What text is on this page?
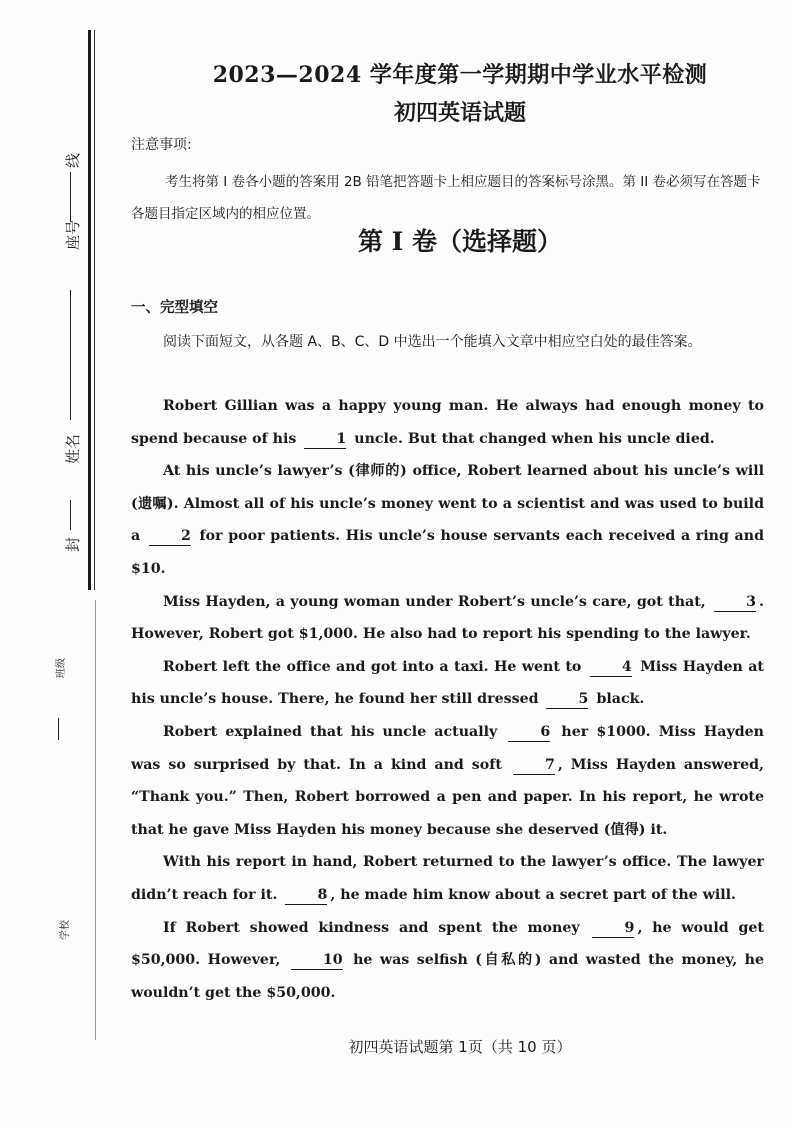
线
座号
姓名
封
班级
学校
2023—2024 学年度第一学期期中学业水平检测
初四英语试题
注意事项:
考生将第 I 卷各小题的答案用 2B 铅笔把答题卡上相应题目的答案标号涂黑。第 II 卷必须写在答题卡各题目指定区域内的相应位置。
第 I 卷（选择题）
一、完型填空
阅读下面短文，从各题 A、B、C、D 中选出一个能填入文章中相应空白处的最佳答案。

Robert Gillian was a happy young man. He always had enough money to spend because of his	1 uncle. But that changed when his uncle died.

At his uncle’s lawyer’s (律师的) office, Robert learned about his uncle’s will (遗嘱). Almost all of his uncle’s money went to a scientist and was used to build a	2 for poor patients. His uncle’s house servants each received a ring and $10.

Miss Hayden, a young woman under Robert’s uncle’s care, got that,	3 . However, Robert got $1,000. He also had to report his spending to the lawyer.

Robert left the office and got into a taxi. He went to	4 Miss Hayden at his uncle’s house. There, he found her still dressed	5 black.

Robert explained that his uncle actually	6 her $1000. Miss Hayden was so surprised by that. In a kind and soft	7 , Miss Hayden answered, “Thank you.” Then, Robert borrowed a pen and paper. In his report, he wrote that he gave Miss Hayden his money because she deserved (值得) it.

With his report in hand, Robert returned to the lawyer’s office. The lawyer didn’t reach for it.	8 , he made him know about a secret part of the will.

If Robert showed kindness and spent the money	9 , he would get $50,000. However,	10 he was selfish (自私的) and wasted the money, he wouldn’t get the $50,000.

初四英语试题第 1页（共 10 页）
